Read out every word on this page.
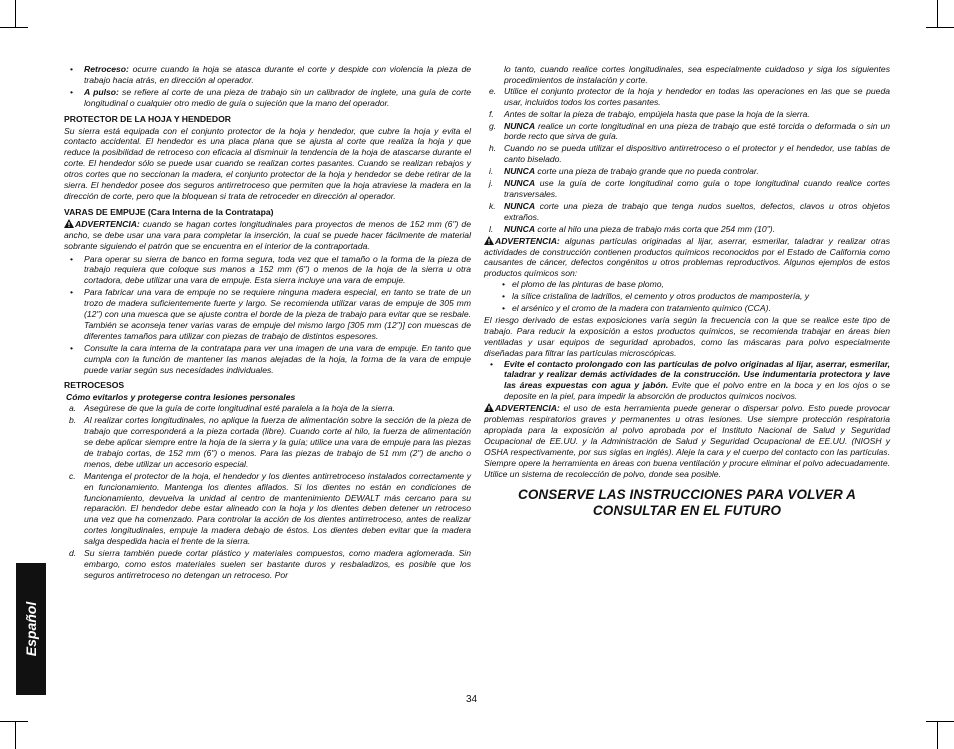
• Retroceso: ocurre cuando la hoja se atasca durante el corte y despide con violencia la pieza de trabajo hacia atrás, en dirección al operador.
• A pulso: se refiere al corte de una pieza de trabajo sin un calibrador de inglete, una guía de corte longitudinal o cualquier otro medio de guía o sujeción que la mano del operador.

PROTECTOR DE LA HOJA Y HENDEDOR

Su sierra está equipada con el conjunto protector de la hoja y hendedor, que cubre la hoja y evita el contacto accidental. El hendedor es una placa plana que se ajusta al corte que realiza la hoja y que reduce la posibilidad de retroceso con eficacia al disminuir la tendencia de la hoja de atascarse durante el corte. El hendedor sólo se puede usar cuando se realizan cortes pasantes. Cuando se realizan rebajos y otros cortes que no seccionan la madera, el conjunto protector de la hoja y hendedor se debe retirar de la sierra. El hendedor posee dos seguros antirretroceso que permiten que la hoja atraviese la madera en la dirección de corte, pero que la bloquean si trata de retroceder en dirección al operador.

VARAS DE EMPUJE (Cara Interna de la Contratapa)

ADVERTENCIA: cuando se hagan cortes longitudinales para proyectos de menos de 152 mm (6") de ancho, se debe usar una vara para completar la inserción, la cual se puede hacer fácilmente de material sobrante siguiendo el patrón que se encuentra en el interior de la contraportada.

• Para operar su sierra de banco en forma segura, toda vez que el tamaño o la forma de la pieza de trabajo requiera que coloque sus manos a 152 mm (6") o menos de la hoja de la sierra u otra cortadora, debe utilizar una vara de empuje. Esta sierra incluye una vara de empuje.
• Para fabricar una vara de empuje no se requiere ninguna madera especial, en tanto se trate de un trozo de madera suficientemente fuerte y largo. Se recomienda utilizar varas de empuje de 305 mm (12") con una muesca que se ajuste contra el borde de la pieza de trabajo para evitar que se resbale. También se aconseja tener varias varas de empuje del mismo largo [305 mm (12")] con muescas de diferentes tamaños para utilizar con piezas de trabajo de distintos espesores.
• Consulte la cara interna de la contratapa para ver una imagen de una vara de empuje. En tanto que cumpla con la función de mantener las manos alejadas de la hoja, la forma de la vara de empuje puede variar según sus necesidades individuales.

RETROCESOS

Cómo evitarlos y protegerse contra lesiones personales

a. Asegúrese de que la guía de corte longitudinal esté paralela a la hoja de la sierra.
b. Al realizar cortes longitudinales, no aplique la fuerza de alimentación sobre la sección de la pieza de trabajo que corresponderá a la pieza cortada (libre). Cuando corte al hilo, la fuerza de alimentación se debe aplicar siempre entre la hoja de la sierra y la guía; utilice una vara de empuje para las piezas de trabajo cortas, de 152 mm (6") o menos. Para las piezas de trabajo de 51 mm (2") de ancho o menos, debe utilizar un accesorio especial.
c. Mantenga el protector de la hoja, el hendedor y los dientes antirretroceso instalados correctamente y en funcionamiento. Mantenga los dientes afilados. Si los dientes no están en condiciones de funcionamiento, devuelva la unidad al centro de mantenimiento DEWALT más cercano para su reparación. El hendedor debe estar alineado con la hoja y los dientes deben detener un retroceso una vez que ha comenzado. Para controlar la acción de los dientes antirretroceso, antes de realizar cortes longitudinales, empuje la madera debajo de éstos. Los dientes deben evitar que la madera salga despedida hacia el frente de la sierra.
d. Su sierra también puede cortar plástico y materiales compuestos, como madera aglomerada. Sin embargo, como estos materiales suelen ser bastante duros y resbaladizos, es posible que los seguros antirretroceso no detengan un retroceso. Por

lo tanto, cuando realice cortes longitudinales, sea especialmente cuidadoso y siga los siguientes procedimientos de instalación y corte.

e. Utilice el conjunto protector de la hoja y hendedor en todas las operaciones en las que se pueda usar, incluidos todos los cortes pasantes.
f.	Antes de soltar la pieza de trabajo, empújela hasta que pase la hoja de la sierra.
g. NUNCA realice un corte longitudinal en una pieza de trabajo que esté torcida o deformada o sin un borde recto que sirva de guía.
h. Cuando no se pueda utilizar el dispositivo antirretroceso o el protector y el hendedor, use tablas de canto biselado.
i.	NUNCA corte una pieza de trabajo grande que no pueda controlar.
j.	NUNCA use la guía de corte longitudinal como guía o tope longitudinal cuando realice cortes transversales.
k. NUNCA corte una pieza de trabajo que tenga nudos sueltos, defectos, clavos u otros objetos extraños.
l.	NUNCA corte al hilo una pieza de trabajo más corta que 254 mm (10").

ADVERTENCIA: algunas partículas originadas al lijar, aserrar, esmerilar, taladrar y realizar otras actividades de construcción contienen productos químicos reconocidos por el Estado de California como causantes de cáncer, defectos congénitos u otros problemas reproductivos. Algunos ejemplos de estos productos químicos son:

• el plomo de las pinturas de base plomo,
• la sílice cristalina de ladrillos, el cemento y otros productos de mampostería, y
• el arsénico y el cromo de la madera con tratamiento químico (CCA).

El riesgo derivado de estas exposiciones varía según la frecuencia con la que se realice este tipo de trabajo. Para reducir la exposición a estos productos químicos, se recomienda trabajar en áreas bien ventiladas y usar equipos de seguridad aprobados, como las máscaras para polvo especialmente diseñadas para filtrar las partículas microscópicas.

• Evite el contacto prolongado con las partículas de polvo originadas al lijar, aserrar, esmerilar, taladrar y realizar demás actividades de la construcción. Use indumentaria protectora y lave las áreas expuestas con agua y jabón. Evite que el polvo entre en la boca y en los ojos o se deposite en la piel, para impedir la absorción de productos químicos nocivos.

ADVERTENCIA: el uso de esta herramienta puede generar o dispersar polvo. Esto puede provocar problemas respiratorios graves y permanentes u otras lesiones. Use siempre protección respiratoria apropiada para la exposición al polvo aprobada por el Instituto Nacional de Salud y Seguridad Ocupacional de EE.UU. y la Administración de Salud y Seguridad Ocupacional de EE.UU. (NIOSH y OSHA respectivamente, por sus siglas en inglés). Aleje la cara y el cuerpo del contacto con las partículas. Siempre opere la herramienta en áreas con buena ventilación y procure eliminar el polvo adecuadamente. Utilice un sistema de recolección de polvo, donde sea posible.

CONSERVE LAS INSTRUCCIONES PARA VOLVER A
CONSULTAR EN EL FUTURO
Español
34
